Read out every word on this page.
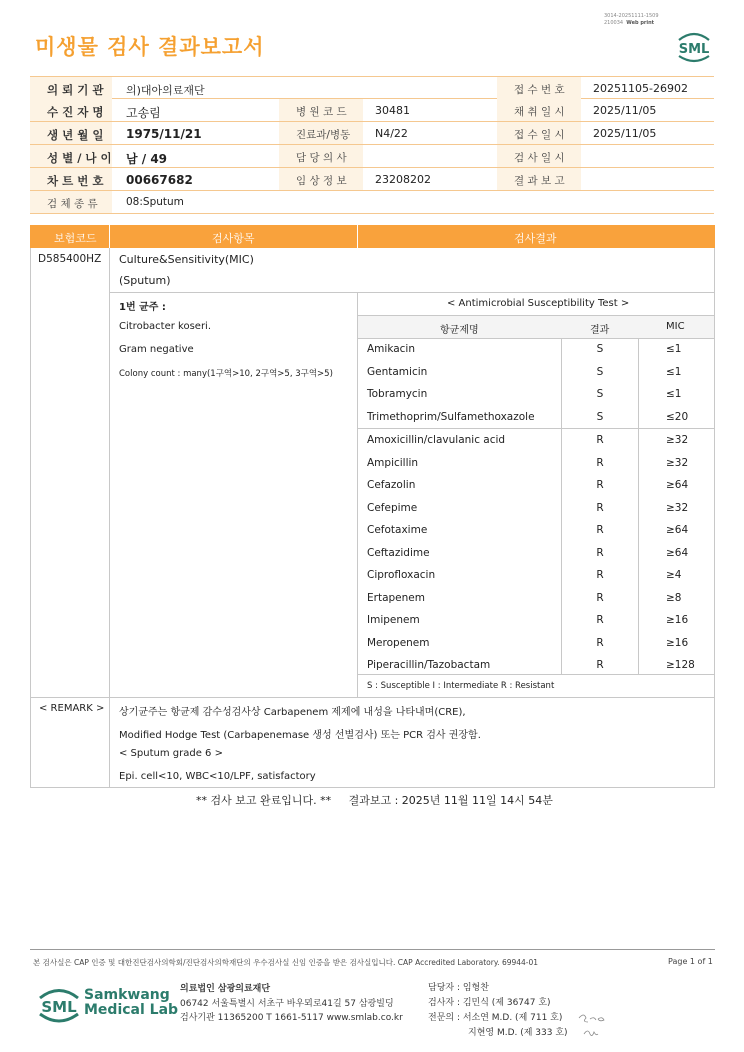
3014-20251111-1509
210034 Web print
미생물 검사 결과보고서	SML
의 뢰 기 관 의)대아의료재단	접 수 번 호	20251105-26902
수 진 자 명 고송림	병 원 코 드	30481	채 취 일 시	2025/11/05
생 년 월 일 1975/11/21	진료과/병동 N4/22	접 수 일 시	2025/11/05
성 별 / 나 이 남 / 49	담 당 의 사	검 사 일 시
차 트 번 호 00667682	임 상 정 보	23208202	결 과 보 고
검 체 종 류	08:Sputum
보험코드	검사항목	검사결과
D585400HZ Culture&Sensitivity(MIC)
(Sputum)
1번 균주 :
Citrobacter koseri.
Gram negative
Colony count : many(1구역>10, 2구역>5, 3구역>5)
< Antimicrobial Susceptibility Test >
항균제명	결과	MIC
Amikacin	S	≤1
Gentamicin	S	≤1
Tobramycin	S	≤1
Trimethoprim/Sulfamethoxazole	S	≤20
Amoxicillin/clavulanic acid	R	≥32
Ampicillin	R	≥32
Cefazolin	R	≥64
Cefepime	R	≥32
Cefotaxime	R	≥64
Ceftazidime	R	≥64
Ciprofloxacin	R	≥4
Ertapenem	R	≥8
Imipenem	R	≥16
Meropenem	R	≥16
Piperacillin/Tazobactam	R	≥128
S : Susceptible I : Intermediate R : Resistant
< REMARK > 상기균주는 항균제 감수성검사상 Carbapenem 제제에 내성을 나타내며(CRE),
Modified Hodge Test (Carbapenemase 생성 선별검사) 또는 PCR 검사 권장함.
< Sputum grade 6 >
Epi. cell<10, WBC<10/LPF, satisfactory
** 검사 보고 완료입니다. **     결과보고 : 2025년 11월 11일 14시 54분
본 검사실은 CAP 인증 및 대한진단검사의학회/진단검사의학재단의 우수검사실 신임 인증을 받은 검사실입니다. CAP Accredited Laboratory. 69944-01	Page 1 of 1
SML
Samkwang
Medical Lab
의료법인 삼광의료재단
06742 서울특별시 서초구 바우뫼로41길 57 삼광빌딩
검사기관 11365200 T 1661-5117 www.smlab.co.kr
담당자 : 임형찬
검사자 : 김민식 (제 36747 호)
전문의 : 서소연 M.D. (제 711 호)
지현영 M.D. (제 333 호)
